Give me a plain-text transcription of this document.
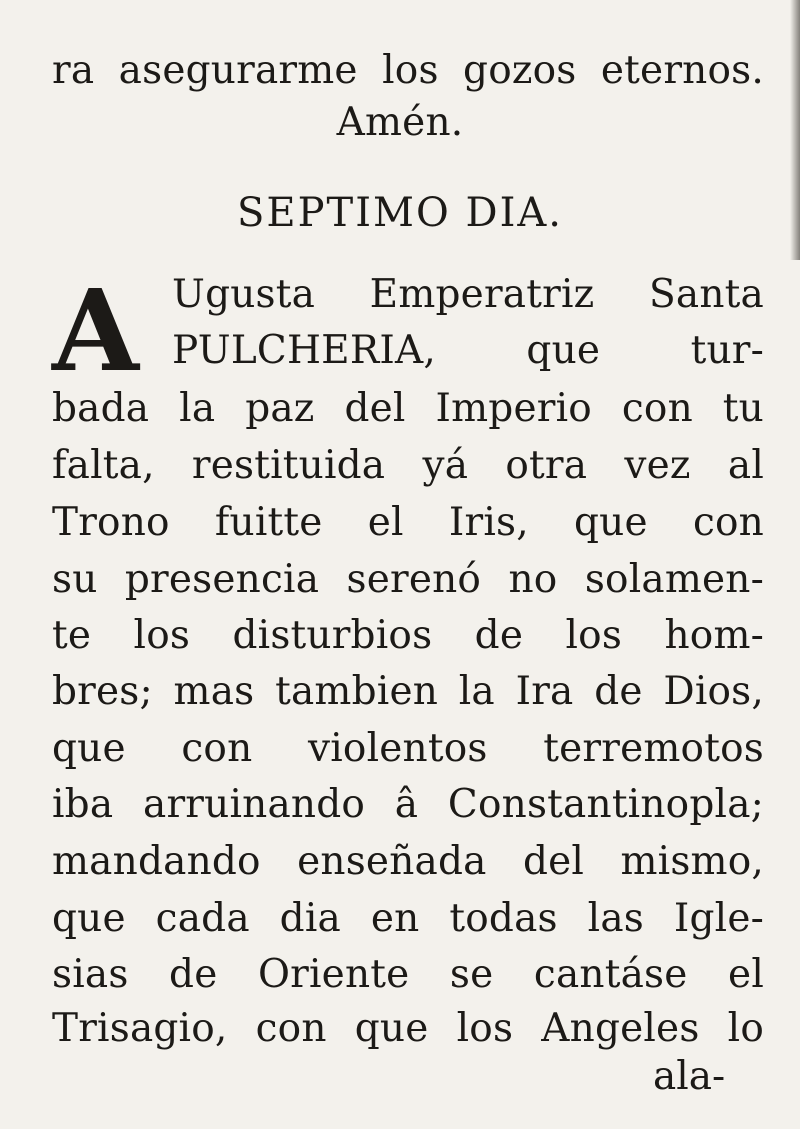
ra asegurarme los gozos eternos.
Amén.
SEPTIMO DIA.
A Ugusta Emperatriz Santa
PULCHERIA, que tur-
bada la paz del Imperio con tu
falta, restituida yá otra vez al
Trono fuitte el Iris, que con
su presencia serenó no solamen-
te los disturbios de los hom-
bres; mas tambien la Ira de Dios,
que con violentos terremotos
iba arruinando â Constantinopla;
mandando enseñada del mismo,
que cada dia en todas las Igle-
sias de Oriente se cantáse el
Trisagio, con que los Angeles lo
ala-
